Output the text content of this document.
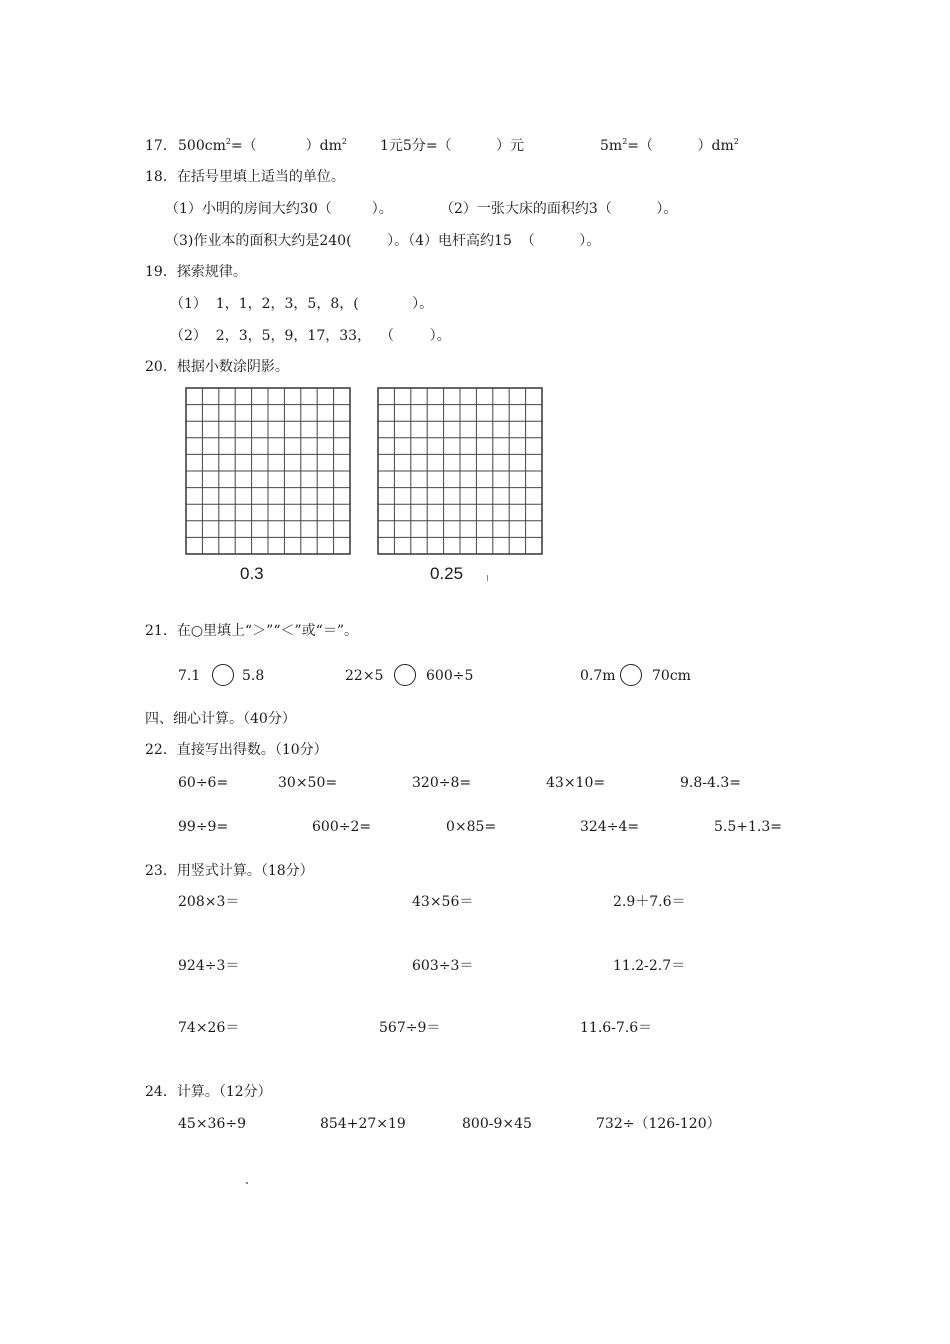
17． $500cm^2=$（           ）$dm^2$ 1元5分=（          ）元	$5m^2=$（          ）$dm^2$
18．在括号里填上适当的单位。
（1）小明的房间大约30（         ）。	（2）一张大床的面积约3（          ）。
（3)作业本的面积大约是240(        ）。（4）电杆高约15  （          ）。
19．探索规律。
（1）  1，1，2，3，5，8，(            ）。
（2）  2，3，5，9，17，33，  （        ）。
20．根据小数涂阴影。
0.3	0.25
21．在○里填上“＞”“＜”或“＝”。
7.1	5.8	22×5	600÷5	0.7m	70cm
四、细心计算。（40分）
22．直接写出得数。（10分）
60÷6=	30×50=	320÷8=	43×10=	9.8-4.3=
99÷9=	600÷2=	0×85=	324÷4=	5.5+1.3=
23．用竖式计算。（18分）
208×3＝	43×56＝	2.9＋7.6＝
924÷3＝	603÷3＝	11.2-2.7＝
74×26＝	567÷9＝	11.6-7.6＝
24．计算。（12分）
45×36÷9	854+27×19	800-9×45	732÷（126-120）
